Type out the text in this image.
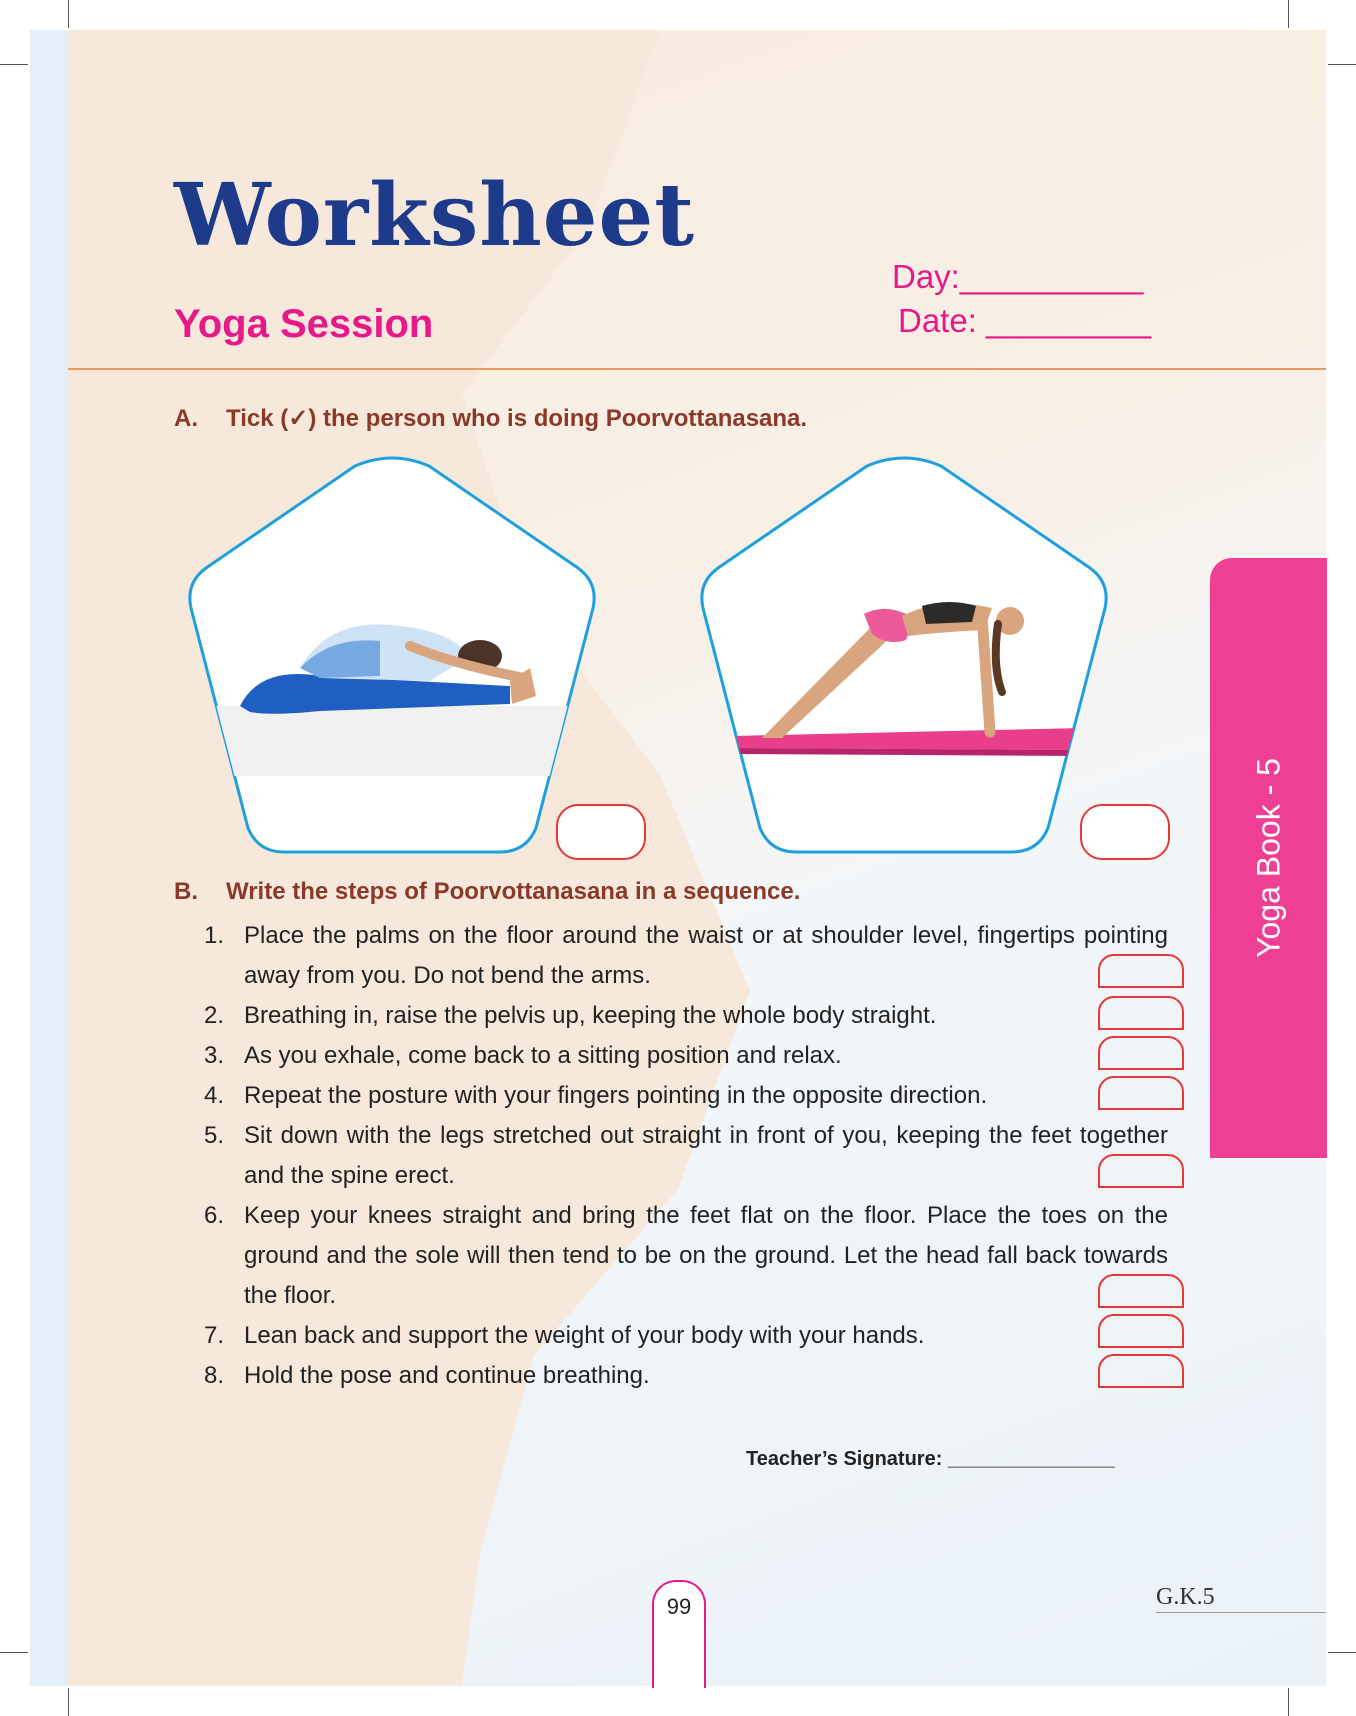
Worksheet
Yoga Session
Day:__________
Date: _________
A. Tick (✓) the person who is doing Poorvottanasana.
B. Write the steps of Poorvottanasana in a sequence.
1. Place the palms on the floor around the waist or at shoulder level, fingertips pointing away from you. Do not bend the arms.
2. Breathing in, raise the pelvis up, keeping the whole body straight.
3. As you exhale, come back to a sitting position and relax.
4. Repeat the posture with your fingers pointing in the opposite direction.
5. Sit down with the legs stretched out straight in front of you, keeping the feet together and the spine erect.
6. Keep your knees straight and bring the feet flat on the floor. Place the toes on the ground and the sole will then tend to be on the ground. Let the head fall back towards the floor.
7. Lean back and support the weight of your body with your hands.
8. Hold the pose and continue breathing.
Yoga Book - 5
Teacher’s Signature: _______________
99	G.K.5
